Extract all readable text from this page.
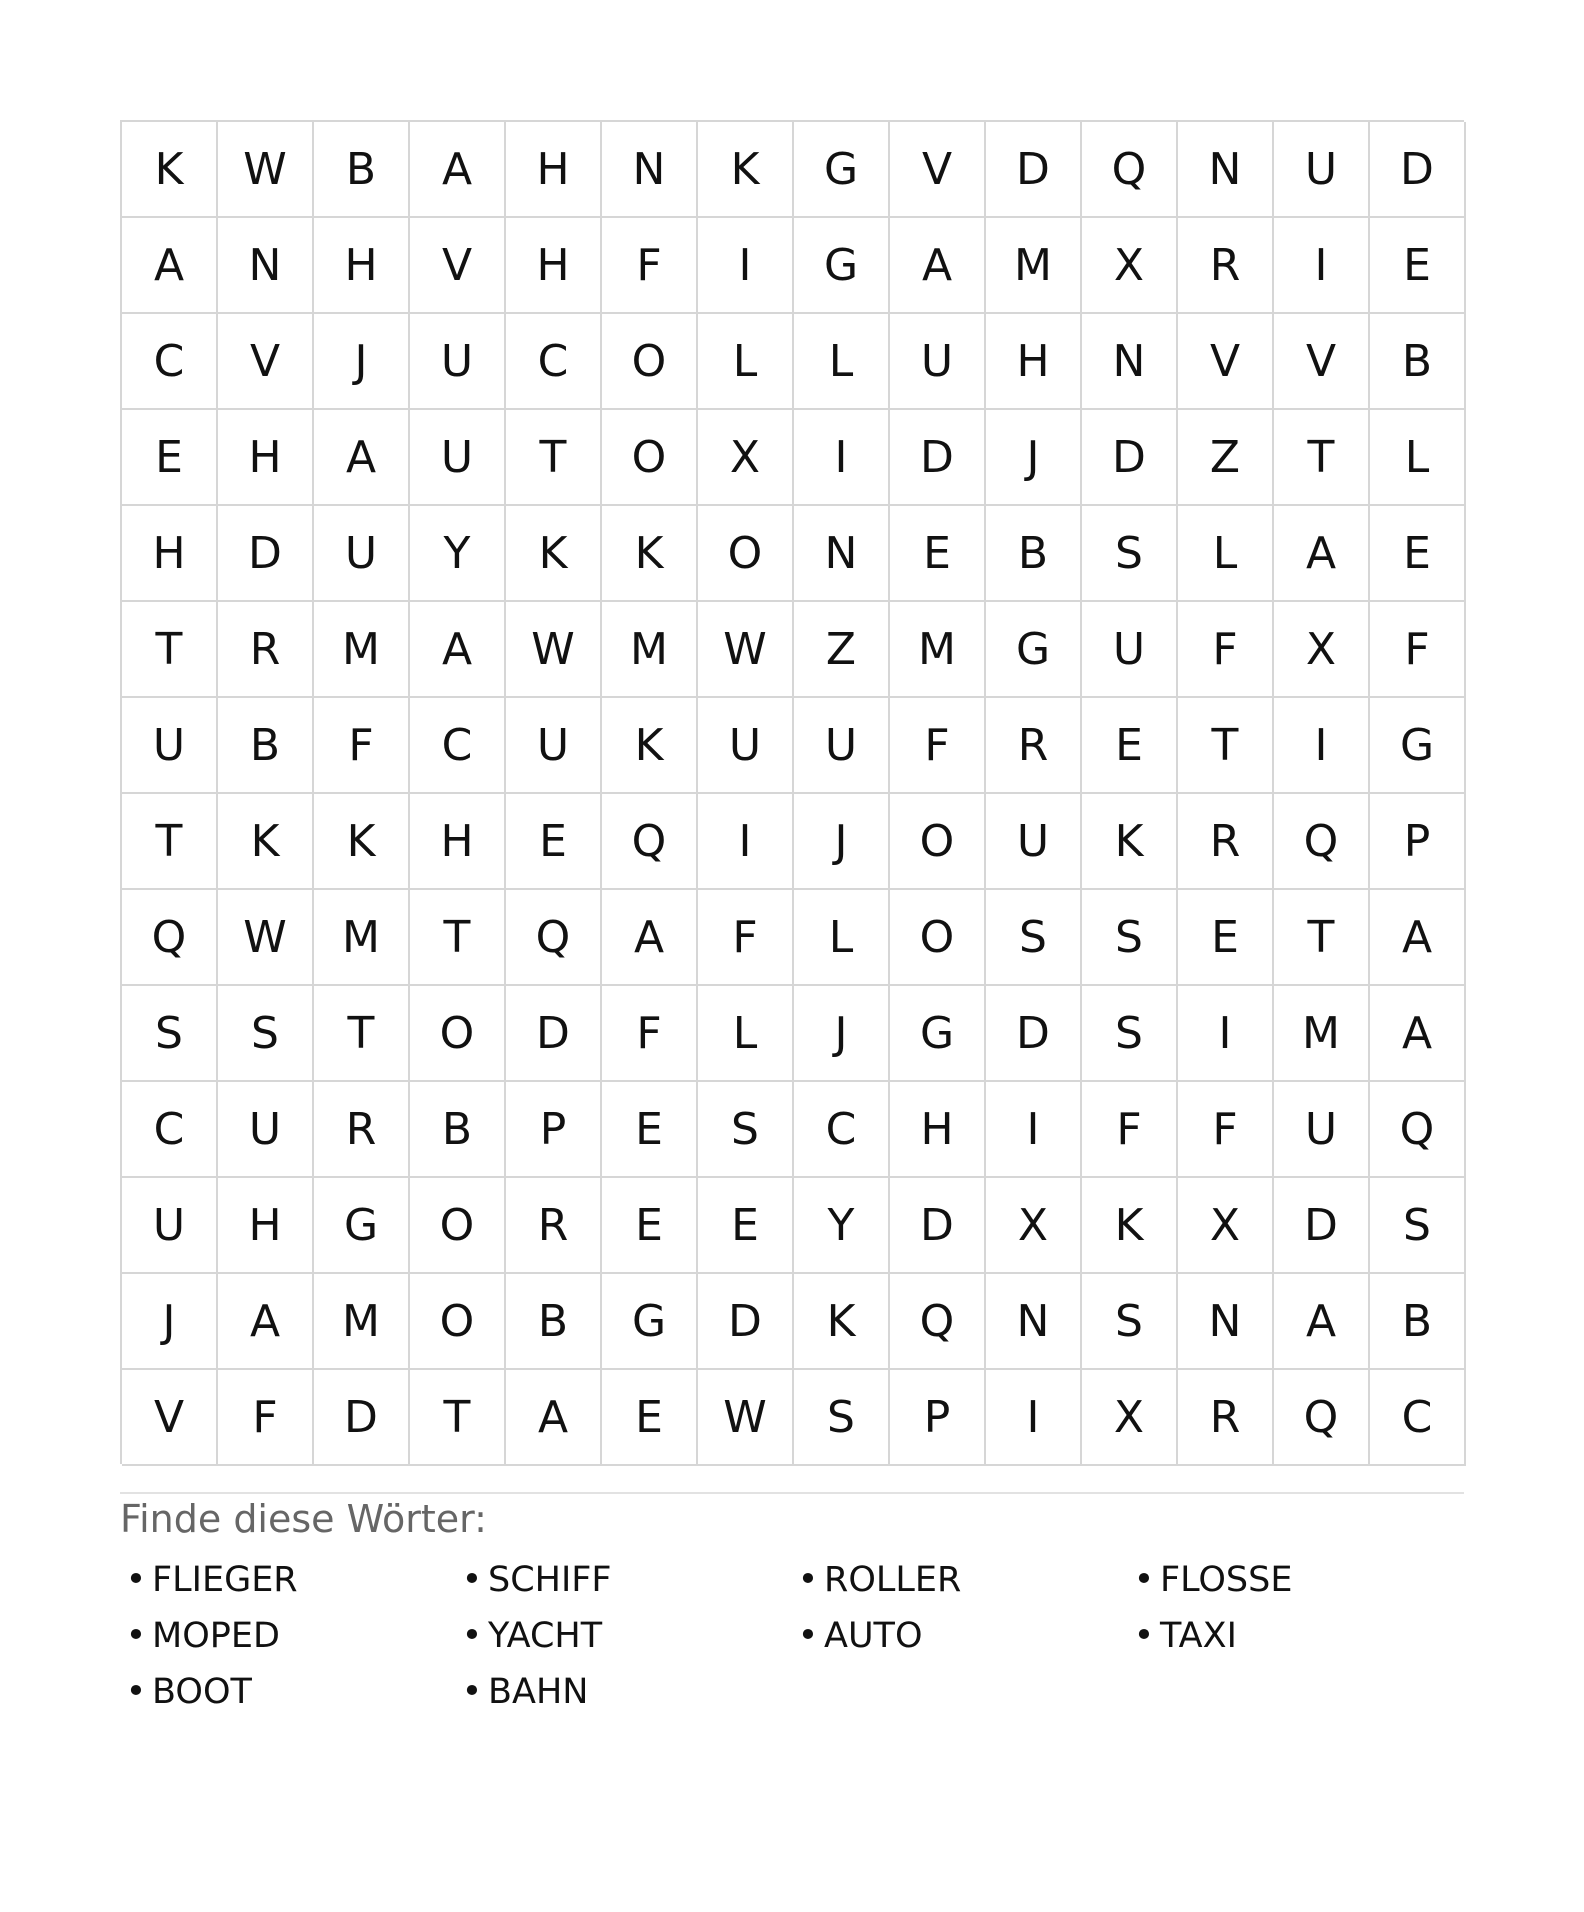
K	W	B	A	H	N	K	G	V	D	Q	N	U	D
A	N	H	V	H	F	I	G	A	M	X	R	I	E
C	V	J	U	C	O	L	L	U	H	N	V	V	B
E	H	A	U	T	O	X	I	D	J	D	Z	T	L
H	D	U	Y	K	K	O	N	E	B	S	L	A	E
T	R	M	A	W	M	W	Z	M	G	U	F	X	F
U	B	F	C	U	K	U	U	F	R	E	T	I	G
T	K	K	H	E	Q	I	J	O	U	K	R	Q	P
Q	W	M	T	Q	A	F	L	O	S	S	E	T	A
S	S	T	O	D	F	L	J	G	D	S	I	M	A
C	U	R	B	P	E	S	C	H	I	F	F	U	Q
U	H	G	O	R	E	E	Y	D	X	K	X	D	S
J	A	M	O	B	G	D	K	Q	N	S	N	A	B
V	F	D	T	A	E	W	S	P	I	X	R	Q	C
Finde diese Wörter:
• FLIEGER	• SCHIFF	• ROLLER	• FLOSSE
• MOPED	• YACHT	• AUTO	• TAXI
• BOOT	• BAHN
